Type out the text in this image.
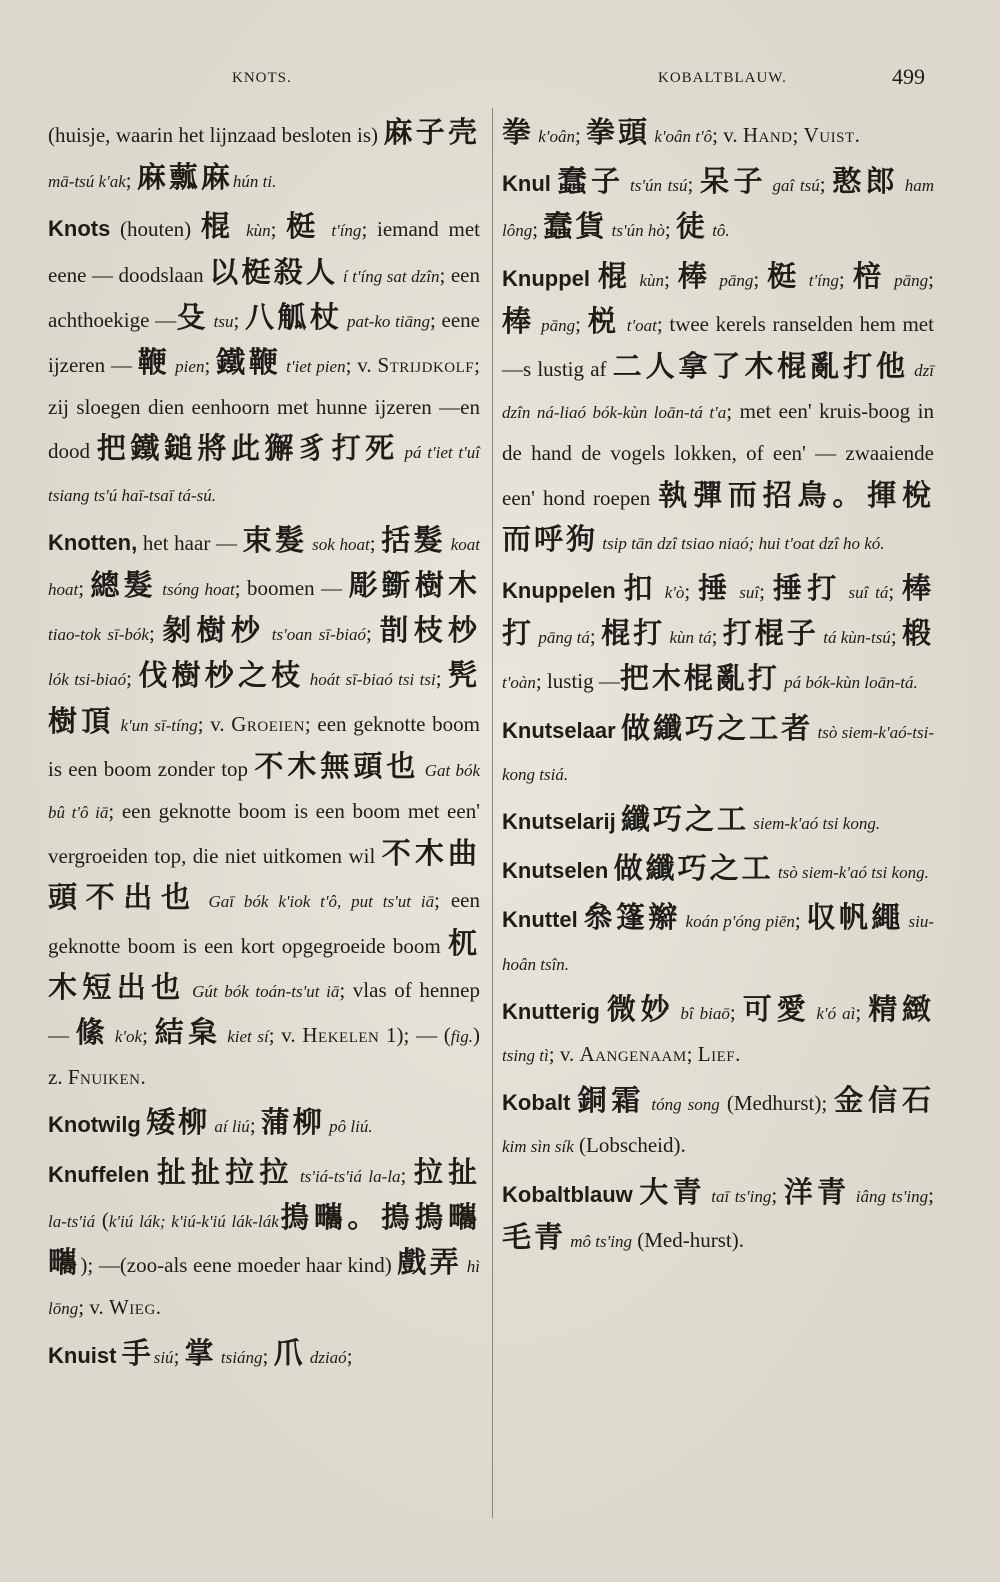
KNOTS.	KOBALTBLAUW.	499

(huisje, waarin het lijnzaad besloten is) 麻子壳 mā-tsú k'ak; 麻䕯麻hún ti.

Knots (houten) 棍 kùn; 梃 t'íng; iemand met eene — doodslaan 以梃殺人 í t'íng sat dzîn; een achthoekige —殳 tsu; 八觚杖 pat-ko tiāng; eene ijzeren — 鞭 pien; 鐵鞭 t'iet pien; v. Strijdkolf; zij sloegen dien eenhoorn met hunne ijzeren —en dood 把鐵鎚將此獬豸打死 pá t'iet t'uî tsiang ts'ú haī-tsaī tá-sú.

Knotten, het haar — 束髮 sok hoat; 括髮 koat hoat; 總髮 tsóng hoat; boomen — 彫斵樹木 tiao-tok sī-bók; 剶樹杪 ts'oan sī-biaó; 剒枝杪 lók tsi-biaó; 伐樹杪之枝 hoát sī-biaó tsi tsi; 髠樹頂 k'un sī-tíng; v. Groeien; een geknotte boom is een boom zonder top 不木無頭也 Gat bók bû t'ô iā; een geknotte boom is een boom met een' vergroeiden top, die niet uitkomen wil 不木曲頭不出也 Gaī bók k'iok t'ô, put ts'ut iā; een geknotte boom is een kort opgegroeide boom 杌木短出也 Gút bók toán-ts'ut iā; vlas of hennep — 絛 k'ok; 結枲 kiet sí; v. Hekelen 1); — (fig.) z. Fnuiken.

Knotwilg 矮柳 aí liú; 蒲柳 pô liú.

Knuffelen 扯扯拉拉 ts'iá-ts'iá la-la; 拉扯 la-ts'iá (k'iú lák; k'iú-k'iú lák-lák㨶㽯。㨶㨶㽯㽯); —(zoo-als eene moeder haar kind) 戲弄 hì lōng; v. Wieg.

Knuist 手siú; 掌 tsiáng; 爪 dziaó;

拳 k'oân; 拳頭 k'oân t'ô; v. Hand; Vuist.

Knul 蠢子 ts'ún tsú; 呆子 gaî tsú; 憨郎 ham lông; 蠢貨 ts'ún hò; 徒 tô.

Knuppel 棍 kùn; 棒 pāng; 梃 t'íng; 棓 pāng; 棒 pāng; 棁 t'oat; twee kerels ranselden hem met —s lustig af 二人拿了木棍亂打他 dzī dzîn ná-liaó bók-kùn loān-tá t'a; met een' kruis-boog in de hand de vogels lokken, of een' — zwaaiende een' hond roepen 執彈而招鳥。揮梲而呼狗 tsip tān dzî tsiao niaó; hui t'oat dzî ho kó.

Knuppelen 扣 k'ò; 捶 suî; 捶打 suî tá; 棒打 pāng tá; 棍打 kùn tá; 打棍子 tá kùn-tsú; 椴 t'oàn; lustig —把木棍亂打 pá bók-kùn loān-tá.

Knutselaar 做纖巧之工者 tsò siem-k'aó-tsi-kong tsiá.

Knutselarij 纖巧之工 siem-k'aó tsi kong.

Knutselen 做纖巧之工 tsò siem-k'aó tsi kong.

Knuttel 叅篷辮 koán p'óng piēn; 収帆繩 siu-hoân tsîn.

Knutterig 微妙 bî biaō; 可愛 k'ó aì; 精緻 tsing tì; v. Aangenaam; Lief.

Kobalt 銅霜 tóng song (Medhurst); 金信石 kim sìn sík (Lobscheid).

Kobaltblauw 大青 taī ts'ing; 洋青 iâng ts'ing; 毛青 mô ts'ing (Med-hurst).
